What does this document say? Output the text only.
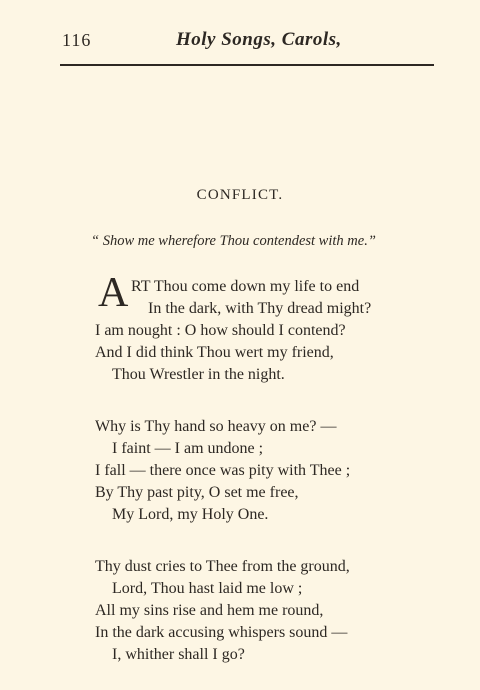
116	Holy Songs, Carols,
CONFLICT.
“ Show me wherefore Thou contendest with me.”
A RT Thou come down my life to end
In the dark, with Thy dread might?
I am nought : O how should I contend?
And I did think Thou wert my friend,
Thou Wrestler in the night.
Why is Thy hand so heavy on me? —
I faint — I am undone ;
I fall — there once was pity with Thee ;
By Thy past pity, O set me free,
My Lord, my Holy One.
Thy dust cries to Thee from the ground,
Lord, Thou hast laid me low ;
All my sins rise and hem me round,
In the dark accusing whispers sound —
I, whither shall I go?
